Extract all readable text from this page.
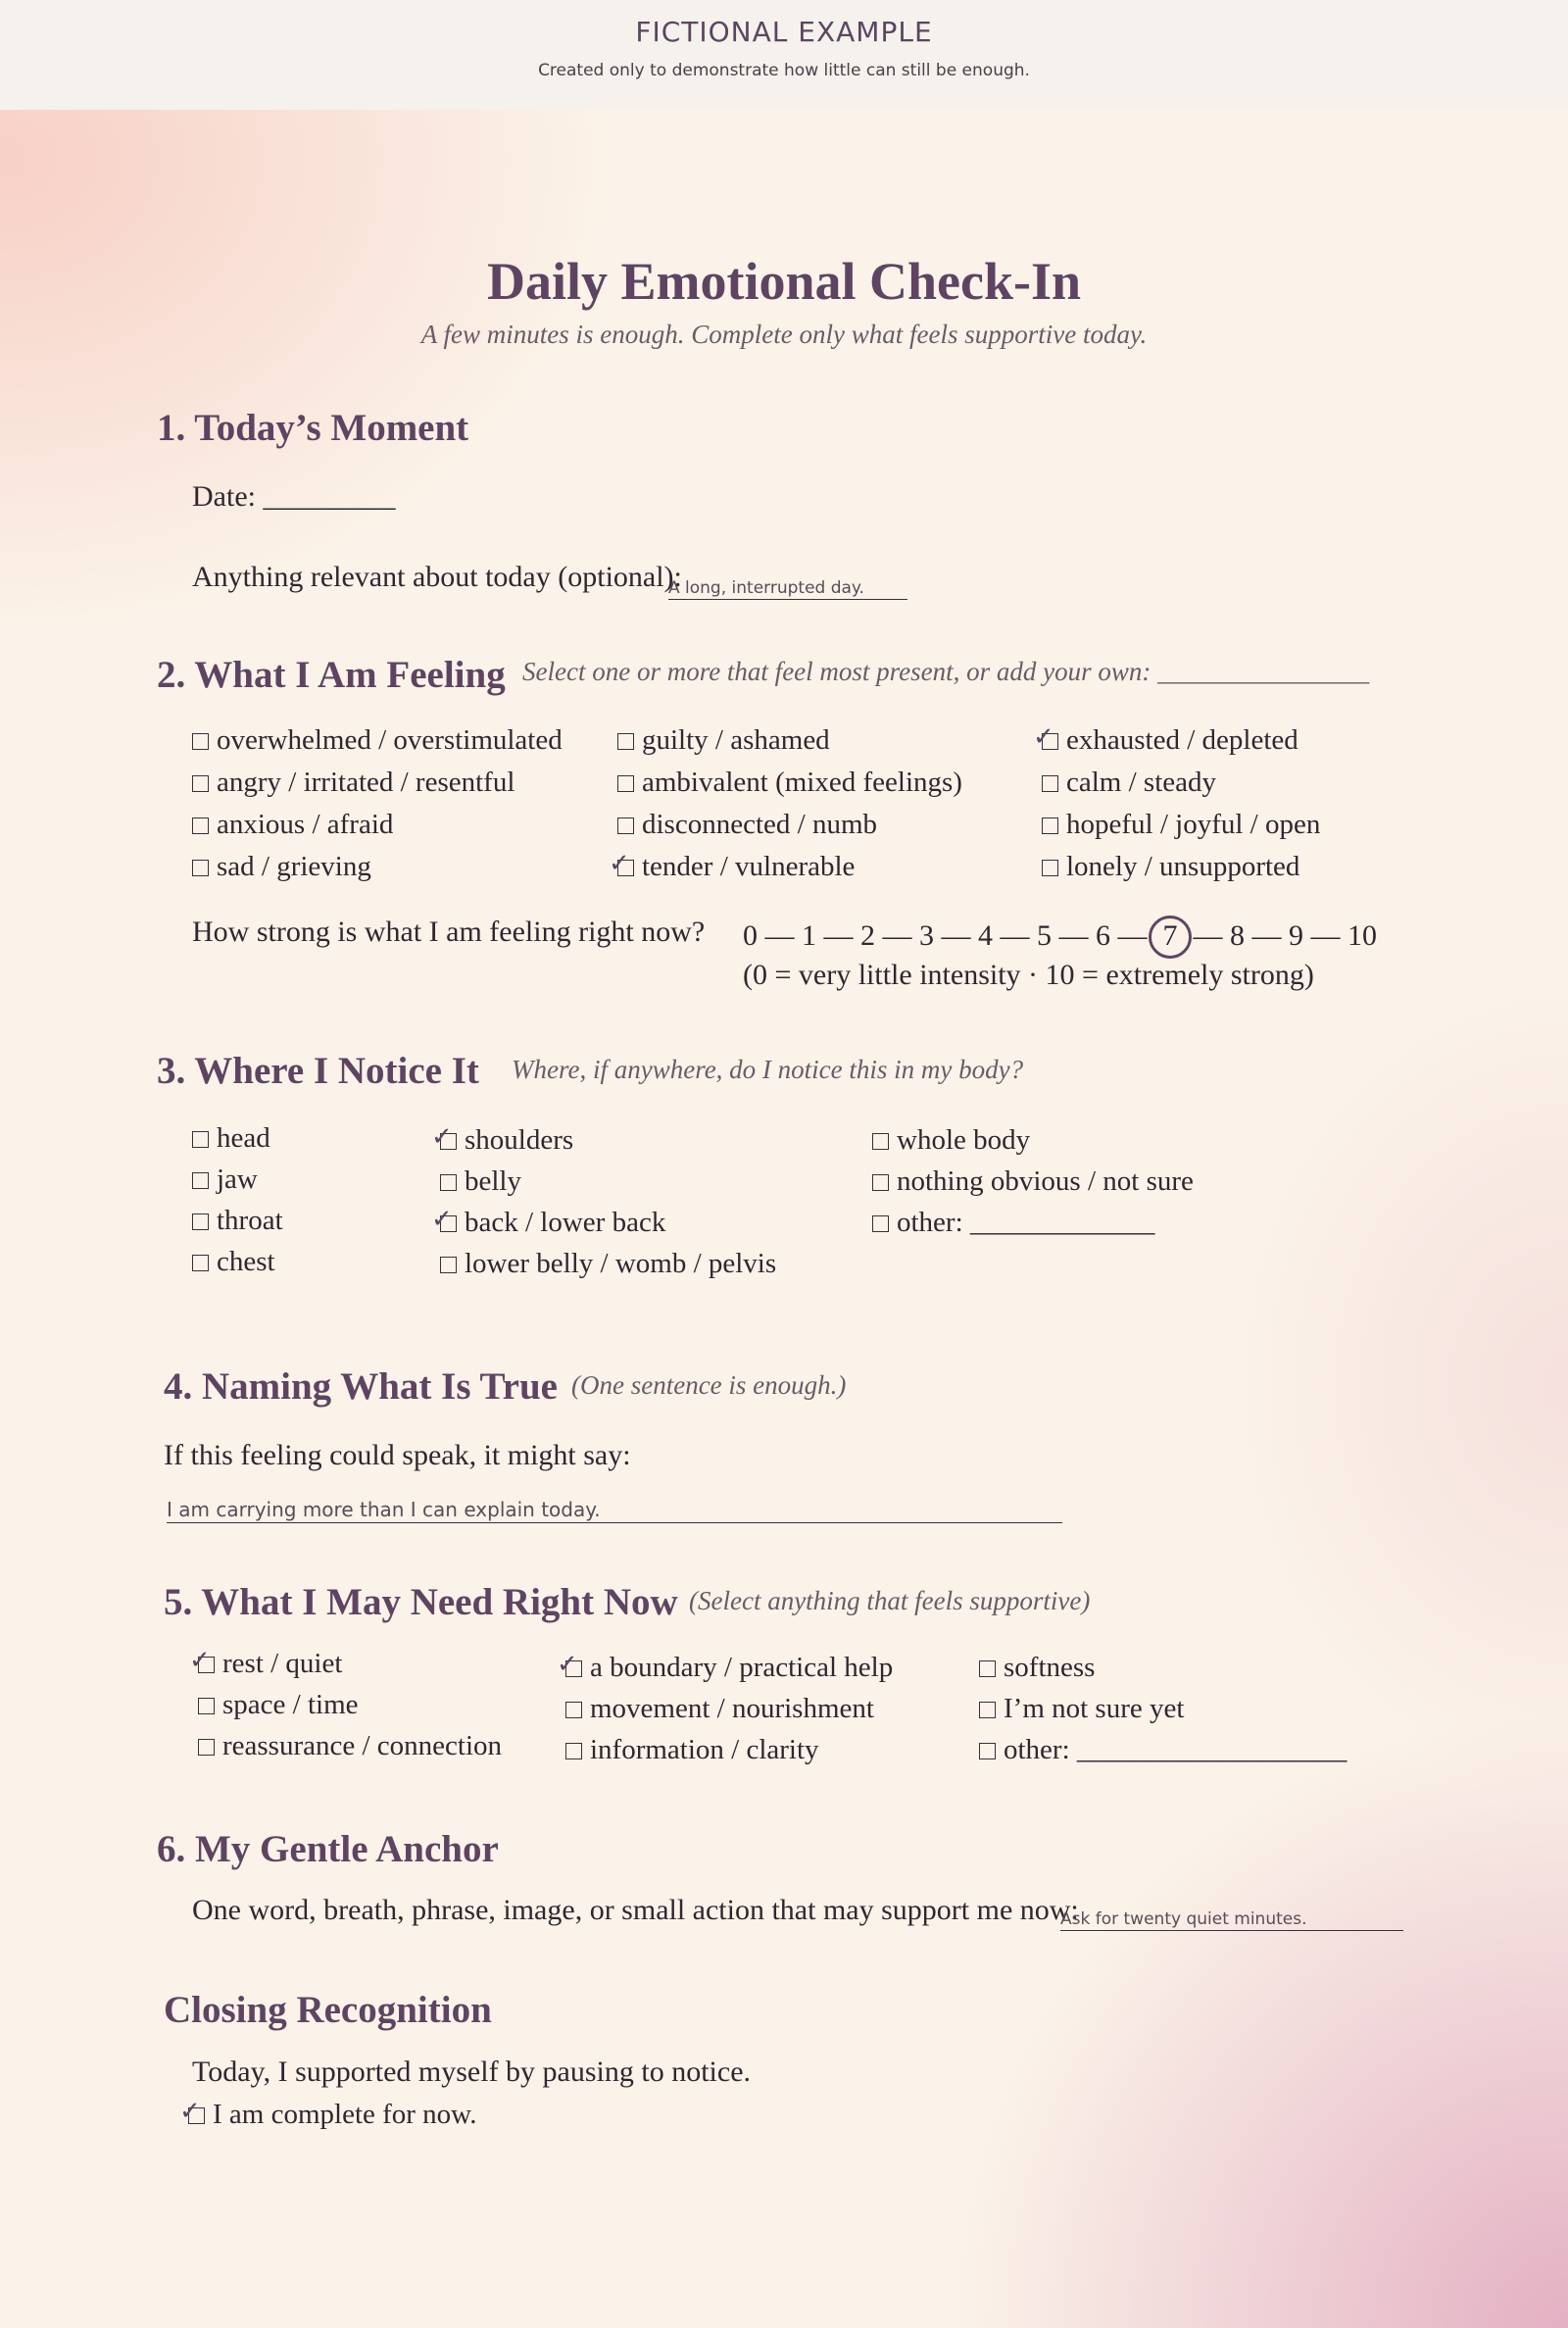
FICTIONAL EXAMPLE
Created only to demonstrate how little can still be enough.
Daily Emotional Check-In
A few minutes is enough. Complete only what feels supportive today.
1. Today’s Moment
Date: _________
Anything relevant about today (optional):
A long, interrupted day.
2. What I Am Feeling Select one or more that feel most present, or add your own: ________________
overwhelmed / overstimulated
angry / irritated / resentful
anxious / afraid
sad / grieving
guilty / ashamed
ambivalent (mixed feelings)
disconnected / numb
✓ tender / vulnerable
✓ exhausted / depleted
calm / steady
hopeful / joyful / open
lonely / unsupported
How strong is what I am feeling right now? 0 — 1 — 2 — 3 — 4 — 5 — 6 — 7 — 8 — 9 — 10
(0 = very little intensity · 10 = extremely strong)
3. Where I Notice It Where, if anywhere, do I notice this in my body?
head
jaw
throat
chest
✓ shoulders
belly
✓ back / lower back
lower belly / womb / pelvis
whole body
nothing obvious / not sure
other: _____________
4. Naming What Is True (One sentence is enough.)
If this feeling could speak, it might say:
I am carrying more than I can explain today.
5. What I May Need Right Now (Select anything that feels supportive)
✓ rest / quiet
space / time
reassurance / connection
✓ a boundary / practical help
movement / nourishment
information / clarity
softness
I’m not sure yet
other: ___________________
6. My Gentle Anchor
One word, breath, phrase, image, or small action that may support me now:
Ask for twenty quiet minutes.
Closing Recognition
Today, I supported myself by pausing to notice.
✓ I am complete for now.
